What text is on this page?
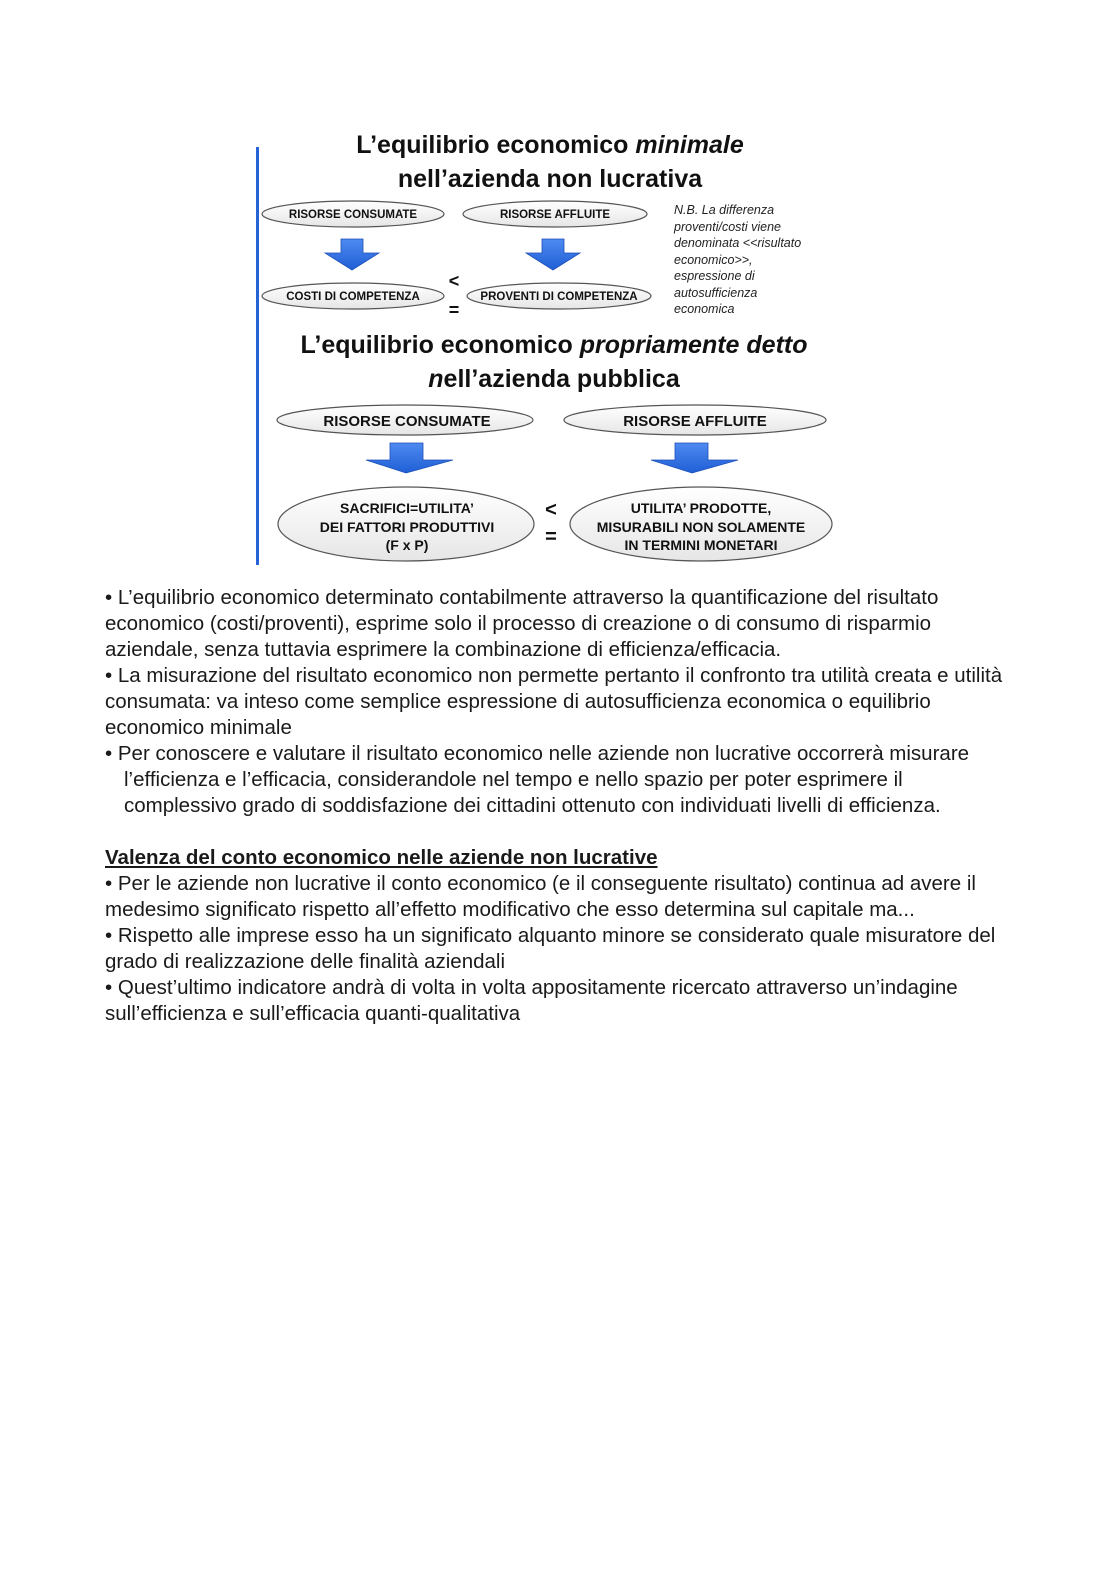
L’equilibrio economico minimale
nell’azienda non lucrativa
RISORSE CONSUMATE	RISORSE AFFLUITE
COSTI DI COMPETENZA	PROVENTI DI COMPETENZA
<
=
N.B. La differenza
proventi/costi viene
denominata <<risultato
economico>>,
espressione di
autosufficienza
economica
L’equilibrio economico propriamente detto
nell’azienda pubblica
RISORSE CONSUMATE	RISORSE AFFLUITE
SACRIFICI=UTILITA’
DEI FATTORI PRODUTTIVI
(F x P)
UTILITA’ PRODOTTE,
MISURABILI NON SOLAMENTE
IN TERMINI MONETARI
<
=

• L’equilibrio economico determinato contabilmente attraverso la quantificazione del risultato economico (costi/proventi), esprime solo il processo di creazione o di consumo di risparmio aziendale, senza tuttavia esprimere la combinazione di efficienza/efficacia.

• La misurazione del risultato economico non permette pertanto il confronto tra utilità creata e utilità consumata: va inteso come semplice espressione di autosufficienza economica o equilibrio economico minimale

• Per conoscere e valutare il risultato economico nelle aziende non lucrative occorrerà misurare l’efficienza e l’efficacia, considerandole nel tempo e nello spazio per poter esprimere il complessivo grado di soddisfazione dei cittadini ottenuto con individuati livelli di efficienza.

Valenza del conto economico nelle aziende non lucrative

• Per le aziende non lucrative il conto economico (e il conseguente risultato) continua ad avere il medesimo significato rispetto all’effetto modificativo che esso determina sul capitale ma...

• Rispetto alle imprese esso ha un significato alquanto minore se considerato quale misuratore del grado di realizzazione delle finalità aziendali

• Quest’ultimo indicatore andrà di volta in volta appositamente ricercato attraverso un’indagine sull’efficienza e sull’efficacia quanti-qualitativa
